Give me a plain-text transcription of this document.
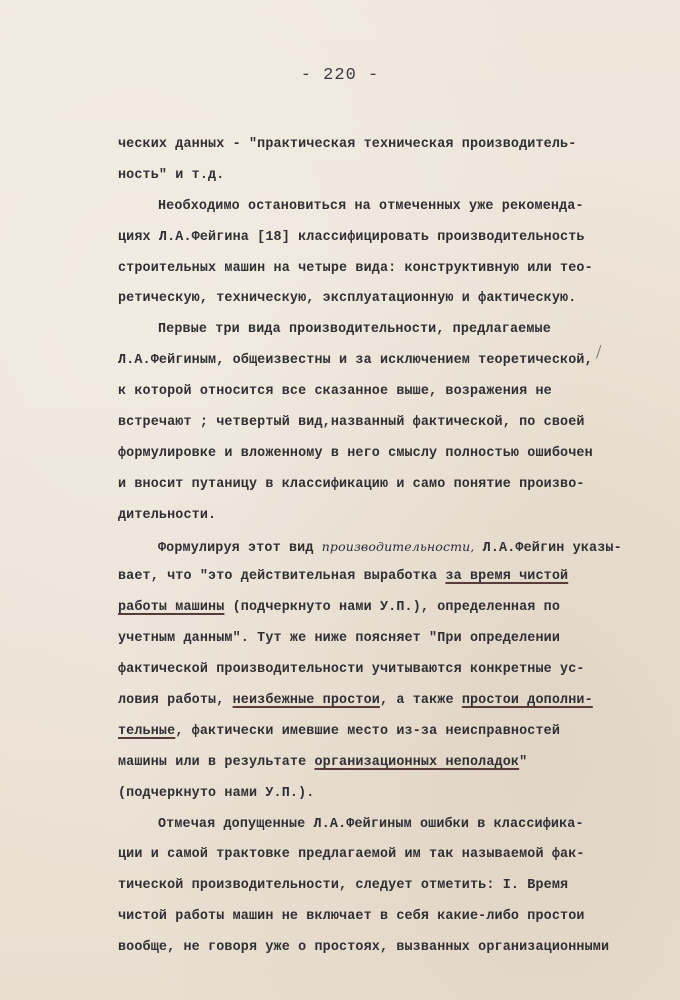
- 220 -
ческих данных - "практическая техническая производитель-
ность" и т.д.
Необходимо остановиться на отмеченных уже рекоменда-
циях Л.А.Фейгина [18] классифицировать производительность
строительных машин на четыре вида: конструктивную или тео-
ретическую, техническую, эксплуатационную и фактическую.
Первые три вида производительности, предлагаемые
Л.А.Фейгиным, общеизвестны и за исключением теоретической,
к которой относится все сказанное выше, возражения не
встречают ; четвертый вид,названный фактической, по своей
формулировке и вложенному в него смыслу полностью ошибочен
и вносит путаницу в классификацию и само понятие произво-
дительности.
Формулируя этот вид производительности, Л.А.Фейгин указы-
вает, что "это действительная выработка за время чистой
работы машины (подчеркнуто нами У.П.), определенная по
учетным данным". Тут же ниже поясняет "При определении
фактической производительности учитываются конкретные ус-
ловия работы, неизбежные простои, а также простои дополни-
тельные, фактически имевшие место из-за неисправностей
машины или в результате организационных неполадок"
(подчеркнуто нами У.П.).
Отмечая допущенные Л.А.Фейгиным ошибки в классифика-
ции и самой трактовке предлагаемой им так называемой фак-
тической производительности, следует отметить: I. Время
чистой работы машин не включает в себя какие-либо простои
вообще, не говоря уже о простоях, вызванных организационными
